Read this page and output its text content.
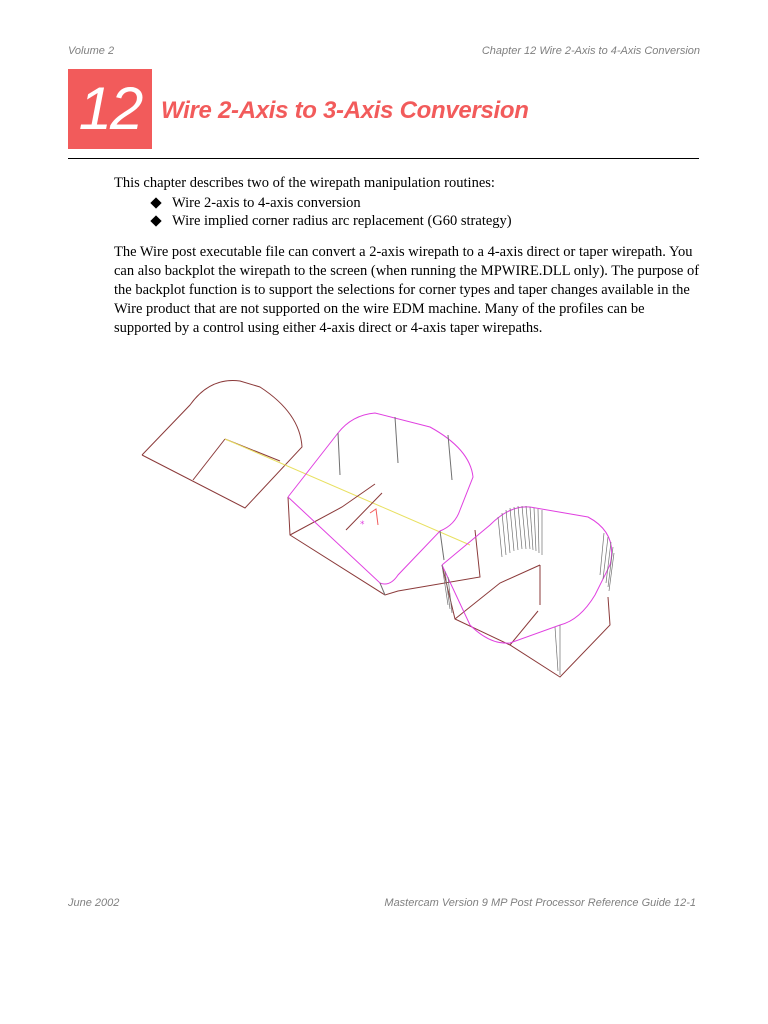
Volume 2	Chapter 12 Wire 2-Axis to 4-Axis Conversion
12 Wire 2-Axis to 3-Axis Conversion
This chapter describes two of the wirepath manipulation routines:
Wire 2-axis to 4-axis conversion
Wire implied corner radius arc replacement (G60 strategy)

The Wire post executable file can convert a 2-axis wirepath to a 4-axis direct or taper wirepath. You can also backplot the wirepath to the screen (when running the MPWIRE.DLL only). The purpose of the backplot function is to support the selections for corner types and taper changes available in the Wire product that are not supported on the wire EDM machine. Many of the profiles can be supported by a control using either 4-axis direct or 4-axis taper wirepaths.

*
June 2002	Mastercam Version 9 MP Post Processor Reference Guide 12-1
